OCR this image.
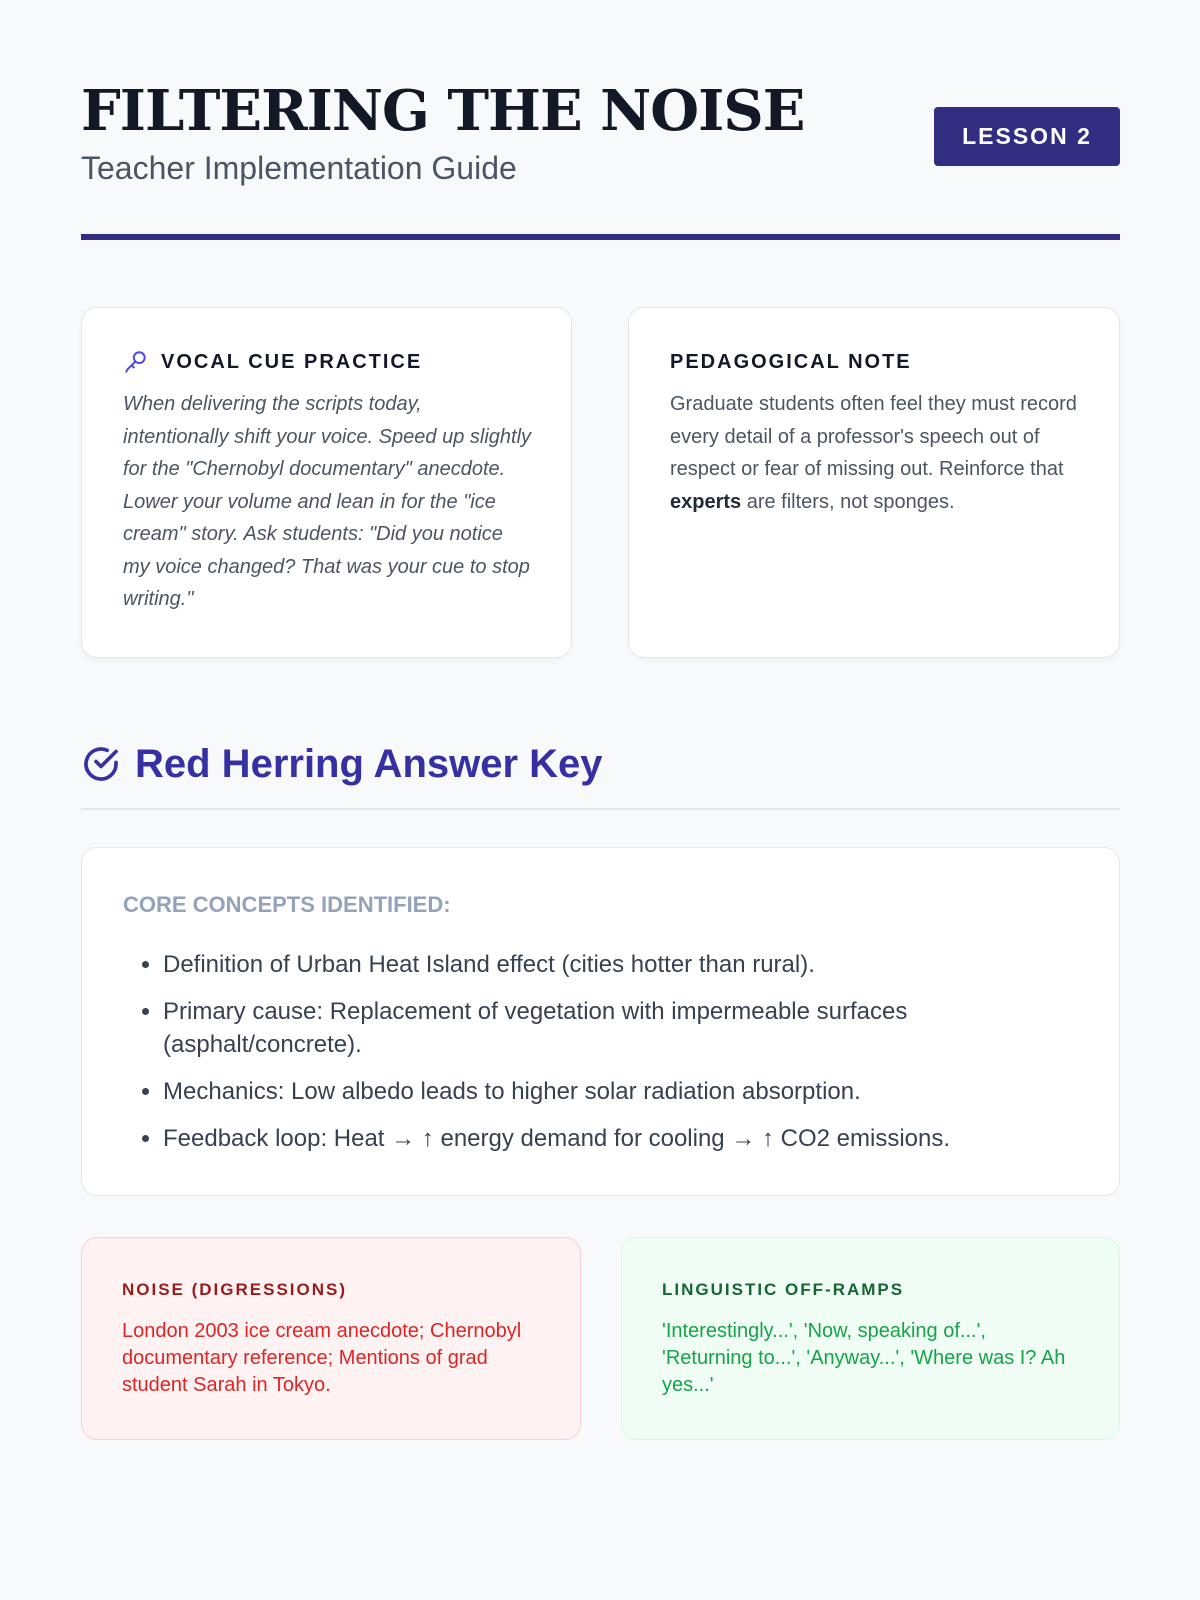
FILTERING THE NOISE
Teacher Implementation Guide
LESSON 2
VOCAL CUE PRACTICE

When delivering the scripts today, intentionally shift your voice. Speed up slightly for the "Chernobyl documentary" anecdote. Lower your volume and lean in for the "ice cream" story. Ask students: "Did you notice my voice changed? That was your cue to stop writing."

PEDAGOGICAL NOTE

Graduate students often feel they must record every detail of a professor's speech out of respect or fear of missing out. Reinforce that experts are filters, not sponges.

Red Herring Answer Key
CORE CONCEPTS IDENTIFIED:
• Definition of Urban Heat Island effect (cities hotter than rural).
• Primary cause: Replacement of vegetation with impermeable surfaces (asphalt/concrete).
• Mechanics: Low albedo leads to higher solar radiation absorption.
• Feedback loop: Heat → ↑ energy demand for cooling → ↑ CO2 emissions.
NOISE (DIGRESSIONS)

London 2003 ice cream anecdote; Chernobyl documentary reference; Mentions of grad student Sarah in Tokyo.

LINGUISTIC OFF-RAMPS

'Interestingly...', 'Now, speaking of...', 'Returning to...', 'Anyway...', 'Where was I? Ah yes...'
